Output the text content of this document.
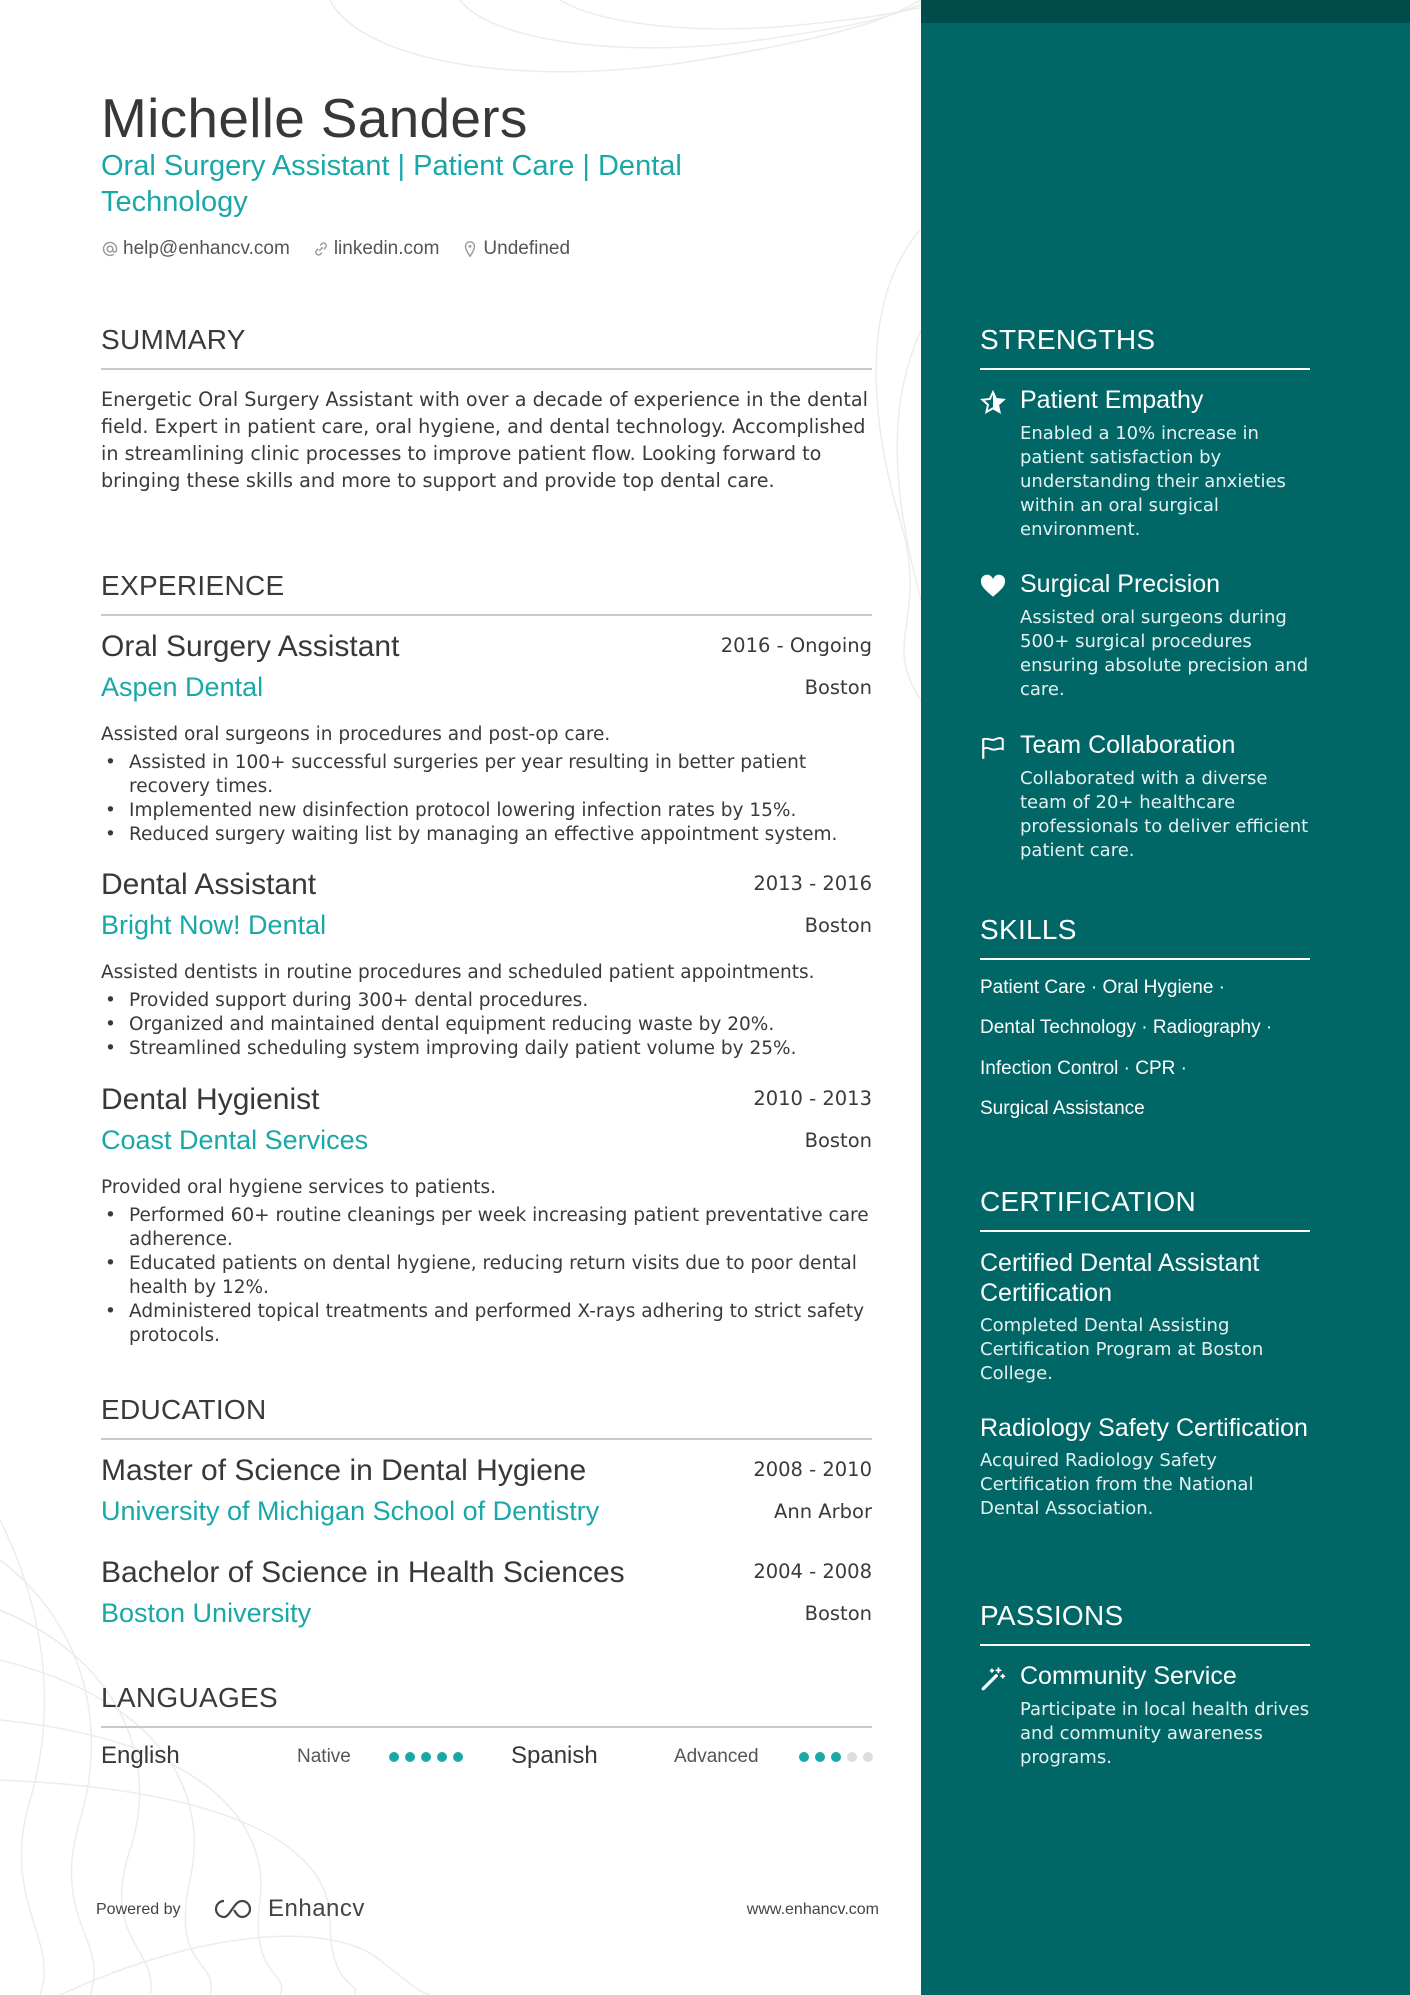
Michelle Sanders
Oral Surgery Assistant | Patient Care | Dental Technology
help@enhancv.com linkedin.com Undefined
SUMMARY
Energetic Oral Surgery Assistant with over a decade of experience in the dental field. Expert in patient care, oral hygiene, and dental technology. Accomplished in streamlining clinic processes to improve patient flow. Looking forward to bringing these skills and more to support and provide top dental care.
EXPERIENCE
Oral Surgery Assistant	2016 - Ongoing
Aspen Dental	Boston
Assisted oral surgeons in procedures and post-op care.
• Assisted in 100+ successful surgeries per year resulting in better patient recovery times.
• Implemented new disinfection protocol lowering infection rates by 15%.
• Reduced surgery waiting list by managing an effective appointment system.
Dental Assistant	2013 - 2016
Bright Now! Dental	Boston
Assisted dentists in routine procedures and scheduled patient appointments.
• Provided support during 300+ dental procedures.
• Organized and maintained dental equipment reducing waste by 20%.
• Streamlined scheduling system improving daily patient volume by 25%.
Dental Hygienist	2010 - 2013
Coast Dental Services	Boston
Provided oral hygiene services to patients.
• Performed 60+ routine cleanings per week increasing patient preventative care adherence.
• Educated patients on dental hygiene, reducing return visits due to poor dental health by 12%.
• Administered topical treatments and performed X-rays adhering to strict safety protocols.
EDUCATION
Master of Science in Dental Hygiene	2008 - 2010
University of Michigan School of Dentistry	Ann Arbor
Bachelor of Science in Health Sciences	2004 - 2008
Boston University	Boston
LANGUAGES
English	Native	Spanish	Advanced
Powered by	Enhancv	www.enhancv.com
STRENGTHS
Patient Empathy
Enabled a 10% increase in patient satisfaction by understanding their anxieties within an oral surgical environment.
Surgical Precision
Assisted oral surgeons during 500+ surgical procedures ensuring absolute precision and care.
Team Collaboration
Collaborated with a diverse team of 20+ healthcare professionals to deliver efficient patient care.
SKILLS
Patient Care · Oral Hygiene ·
Dental Technology · Radiography ·
Infection Control · CPR ·
Surgical Assistance
CERTIFICATION
Certified Dental Assistant Certification
Completed Dental Assisting Certification Program at Boston College.
Radiology Safety Certification
Acquired Radiology Safety Certification from the National Dental Association.
PASSIONS
Community Service
Participate in local health drives and community awareness programs.
